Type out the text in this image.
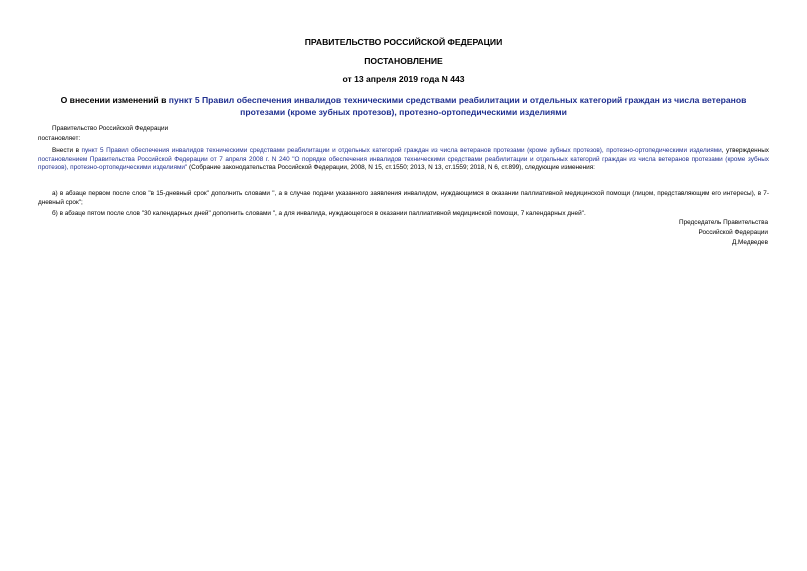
ПРАВИТЕЛЬСТВО РОССИЙСКОЙ ФЕДЕРАЦИИ
ПОСТАНОВЛЕНИЕ
от 13 апреля 2019 года N 443
О внесении изменений в пункт 5 Правил обеспечения инвалидов техническими средствами реабилитации и отдельных категорий граждан из числа ветеранов протезами (кроме зубных протезов), протезно-ортопедическими изделиями
Правительство Российской Федерации
постановляет:
Внести в пункт 5 Правил обеспечения инвалидов техническими средствами реабилитации и отдельных категорий граждан из числа ветеранов протезами (кроме зубных протезов), протезно-ортопедическими изделиями, утвержденных постановлением Правительства Российской Федерации от 7 апреля 2008 г. N 240 "О порядке обеспечения инвалидов техническими средствами реабилитации и отдельных категорий граждан из числа ветеранов протезами (кроме зубных протезов), протезно-ортопедическими изделиями" (Собрание законодательства Российской Федерации, 2008, N 15, ст.1550; 2013, N 13, ст.1559; 2018, N 6, ст.899), следующие изменения:
а) в абзаце первом после слов "в 15-дневный срок" дополнить словами ", а в случае подачи указанного заявления инвалидом, нуждающимся в оказании паллиативной медицинской помощи (лицом, представляющим его интересы), в 7-дневный срок";
б) в абзаце пятом после слов "30 календарных дней" дополнить словами ", а для инвалида, нуждающегося в оказании паллиативной медицинской помощи, 7 календарных дней".
Председатель Правительства
Российской Федерации
Д.Медведев
